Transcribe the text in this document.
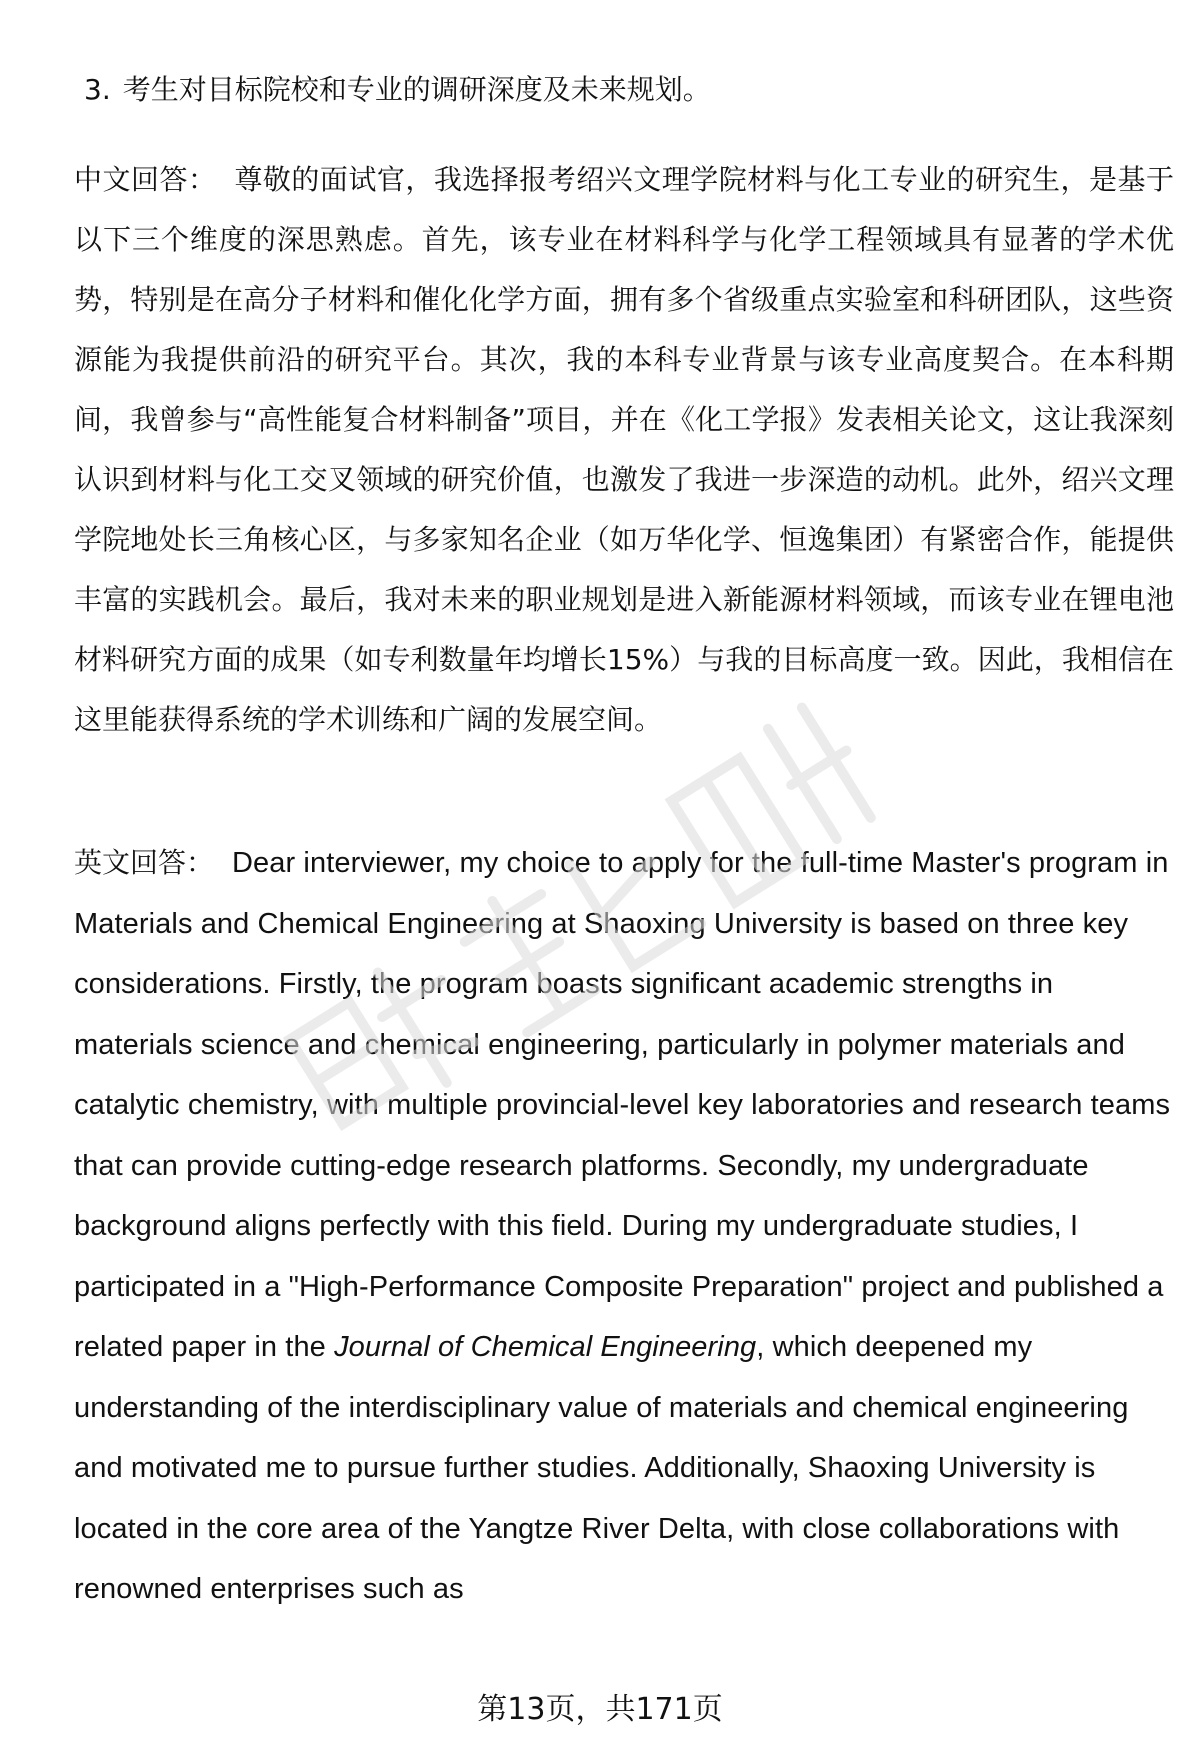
3. 考生对目标院校和专业的调研深度及未来规划。

中文回答： 尊敬的面试官，我选择报考绍兴文理学院材料与化工专业的研究生，是基于以下三个维度的深思熟虑。首先，该专业在材料科学与化学工程领域具有显著的学术优势，特别是在高分子材料和催化化学方面，拥有多个省级重点实验室和科研团队，这些资源能为我提供前沿的研究平台。其次，我的本科专业背景与该专业高度契合。在本科期间，我曾参与“高性能复合材料制备”项目，并在《化工学报》发表相关论文，这让我深刻认识到材料与化工交叉领域的研究价值，也激发了我进一步深造的动机。此外，绍兴文理学院地处长三角核心区，与多家知名企业（如万华化学、恒逸集团）有紧密合作，能提供丰富的实践机会。最后，我对未来的职业规划是进入新能源材料领域，而该专业在锂电池材料研究方面的成果（如专利数量年均增长15%）与我的目标高度一致。因此，我相信在这里能获得系统的学术训练和广阔的发展空间。

英文回答： Dear interviewer, my choice to apply for the full-time Master's program in Materials and Chemical Engineering at Shaoxing University is based on three key considerations. Firstly, the program boasts significant academic strengths in materials science and chemical engineering, particularly in polymer materials and catalytic chemistry, with multiple provincial-level key laboratories and research teams that can provide cutting-edge research platforms. Secondly, my undergraduate background aligns perfectly with this field. During my undergraduate studies, I participated in a "High-Performance Composite Preparation" project and published a related paper in the Journal of Chemical Engineering, which deepened my understanding of the interdisciplinary value of materials and chemical engineering and motivated me to pursue further studies. Additionally, Shaoxing University is located in the core area of the Yangtze River Delta, with close collaborations with renowned enterprises such as

第13页，共171页
